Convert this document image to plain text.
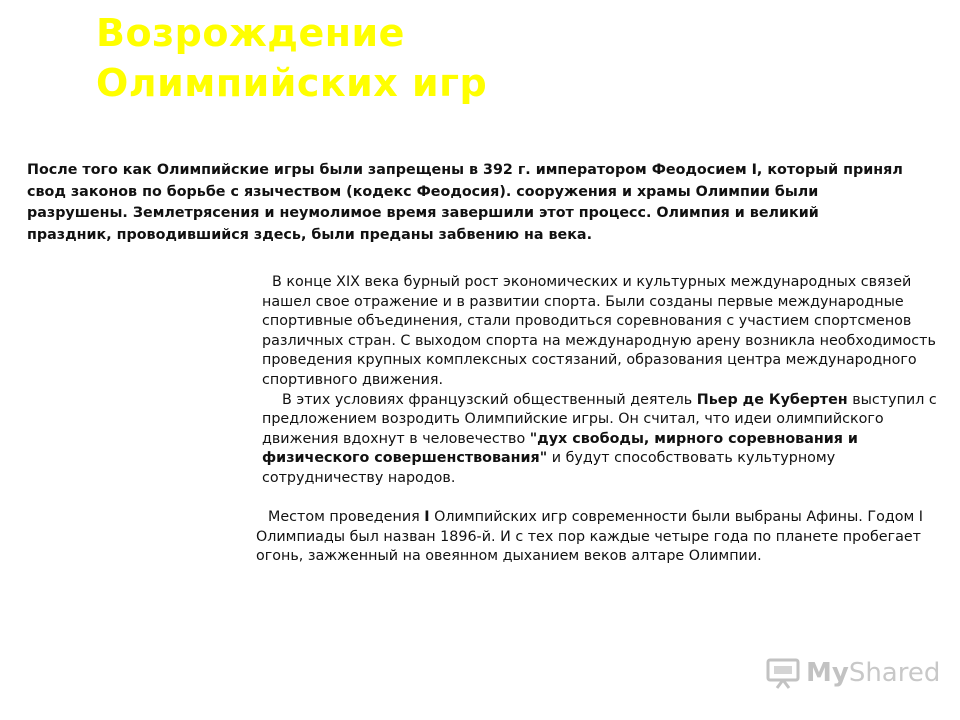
Возрождение
Олимпийских игр

После того как Олимпийские игры были запрещены в 392 г. императором Феодосием I, который принял свод законов по борьбе с язычеством (кодекс Феодосия). сооружения и храмы Олимпии были разрушены. Землетрясения и неумолимое время завершили этот процесс. Олимпия и великий праздник, проводившийся здесь, были преданы забвению на века.

В конце XIX века бурный рост экономических и культурных международных связей нашел свое отражение и в развитии спорта. Были созданы первые международные спортивные объединения, стали проводиться соревнования с участием спортсменов различных стран. С выходом спорта на международную арену возникла необходимость проведения крупных комплексных состязаний, образования центра международного спортивного движения.

В этих условиях французский общественный деятель Пьер де Кубертен выступил с предложением возродить Олимпийские игры. Он считал, что идеи олимпийского движения вдохнут в человечество "дух свободы, мирного соревнования и физического совершенствования" и будут способствовать культурному сотрудничеству народов.

Местом проведения I Олимпийских игр современности были выбраны Афины. Годом I Олимпиады был назван 1896-й. И с тех пор каждые четыре года по планете пробегает огонь, зажженный на овеянном дыханием веков алтаре Олимпии.

My Shared
